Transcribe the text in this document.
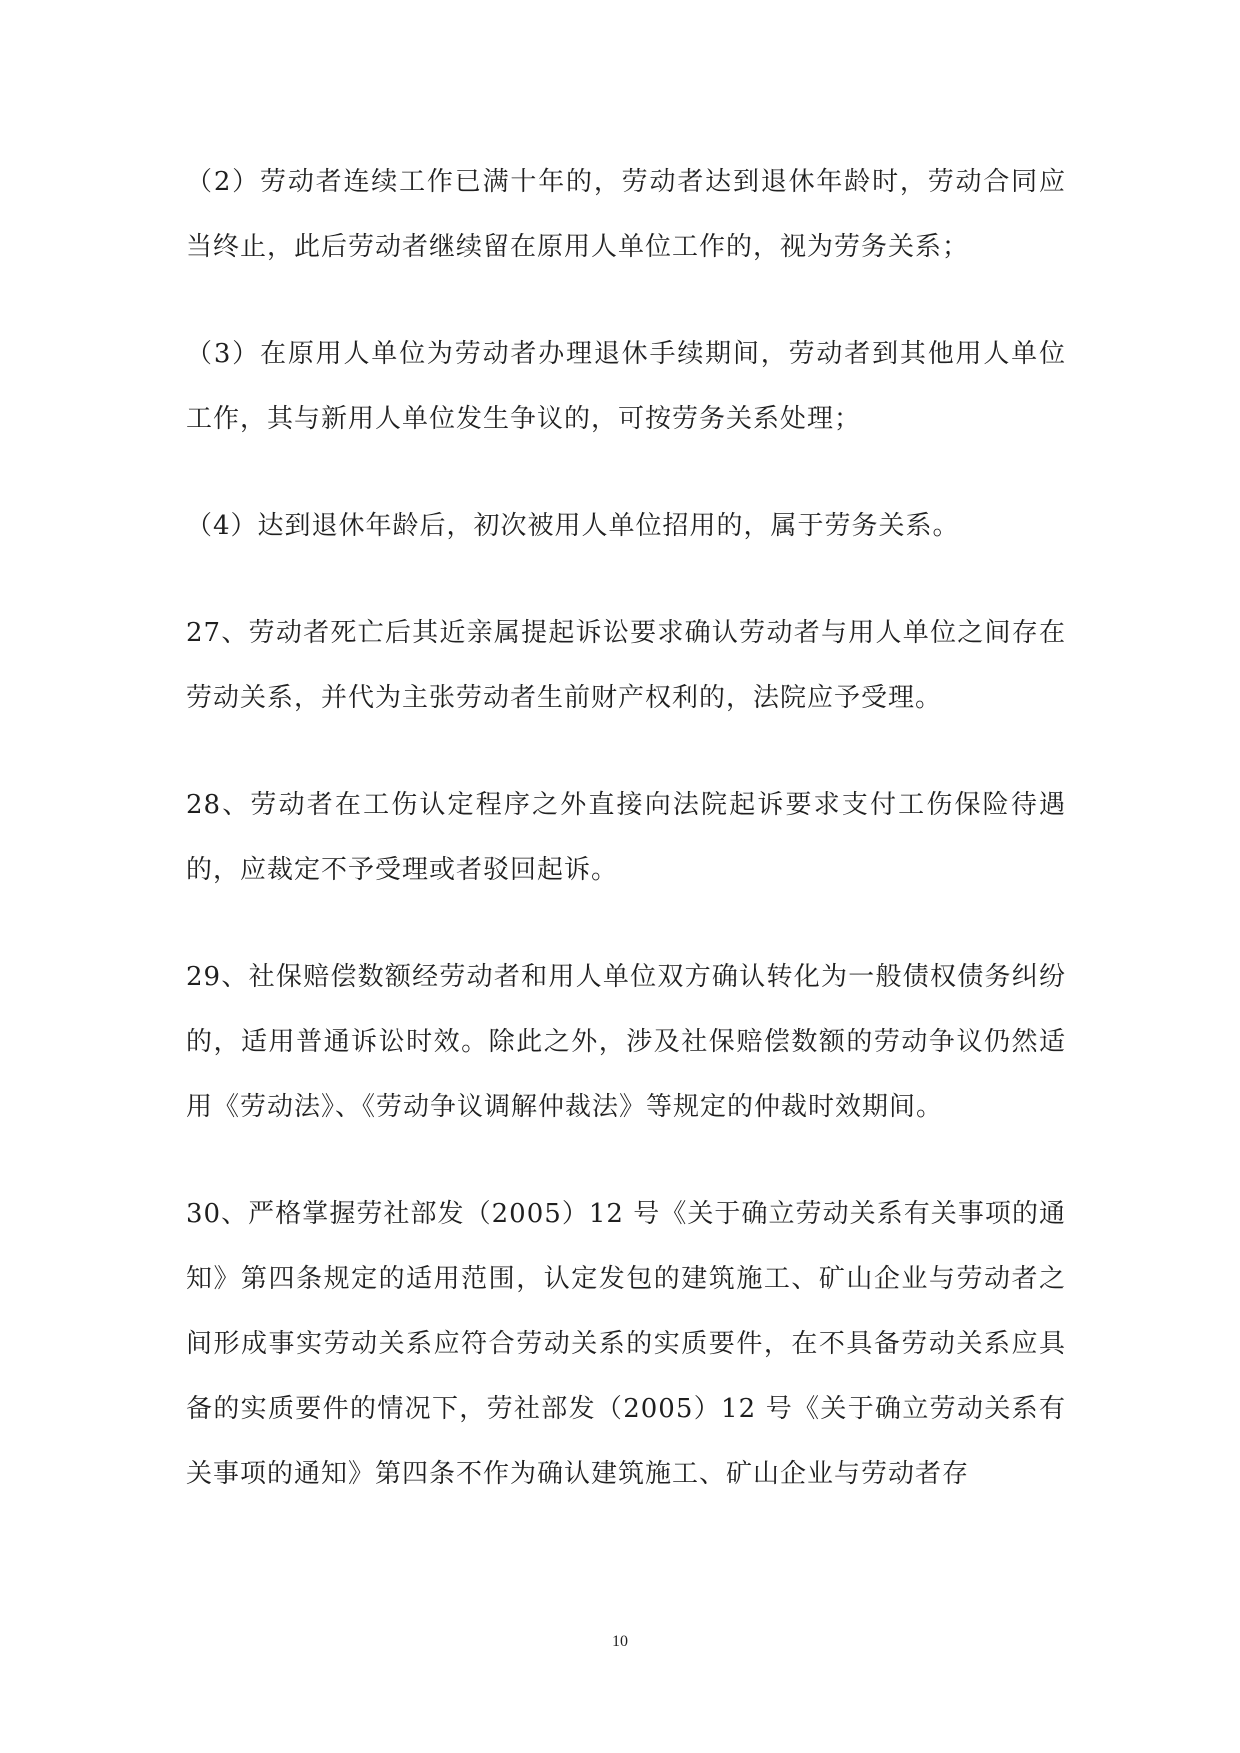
（2）劳动者连续工作已满十年的，劳动者达到退休年龄时，劳动合同应当终止，此后劳动者继续留在原用人单位工作的，视为劳务关系；

（3）在原用人单位为劳动者办理退休手续期间，劳动者到其他用人单位工作，其与新用人单位发生争议的，可按劳务关系处理；

（4）达到退休年龄后，初次被用人单位招用的，属于劳务关系。

27、劳动者死亡后其近亲属提起诉讼要求确认劳动者与用人单位之间存在劳动关系，并代为主张劳动者生前财产权利的，法院应予受理。

28、劳动者在工伤认定程序之外直接向法院起诉要求支付工伤保险待遇的，应裁定不予受理或者驳回起诉。

29、社保赔偿数额经劳动者和用人单位双方确认转化为一般债权债务纠纷的，适用普通诉讼时效。除此之外，涉及社保赔偿数额的劳动争议仍然适用《劳动法》、《劳动争议调解仲裁法》等规定的仲裁时效期间。

30、严格掌握劳社部发（2005）12 号《关于确立劳动关系有关事项的通知》第四条规定的适用范围，认定发包的建筑施工、矿山企业与劳动者之间形成事实劳动关系应符合劳动关系的实质要件，在不具备劳动关系应具备的实质要件的情况下，劳社部发（2005）12 号《关于确立劳动关系有关事项的通知》第四条不作为确认建筑施工、矿山企业与劳动者存

10
